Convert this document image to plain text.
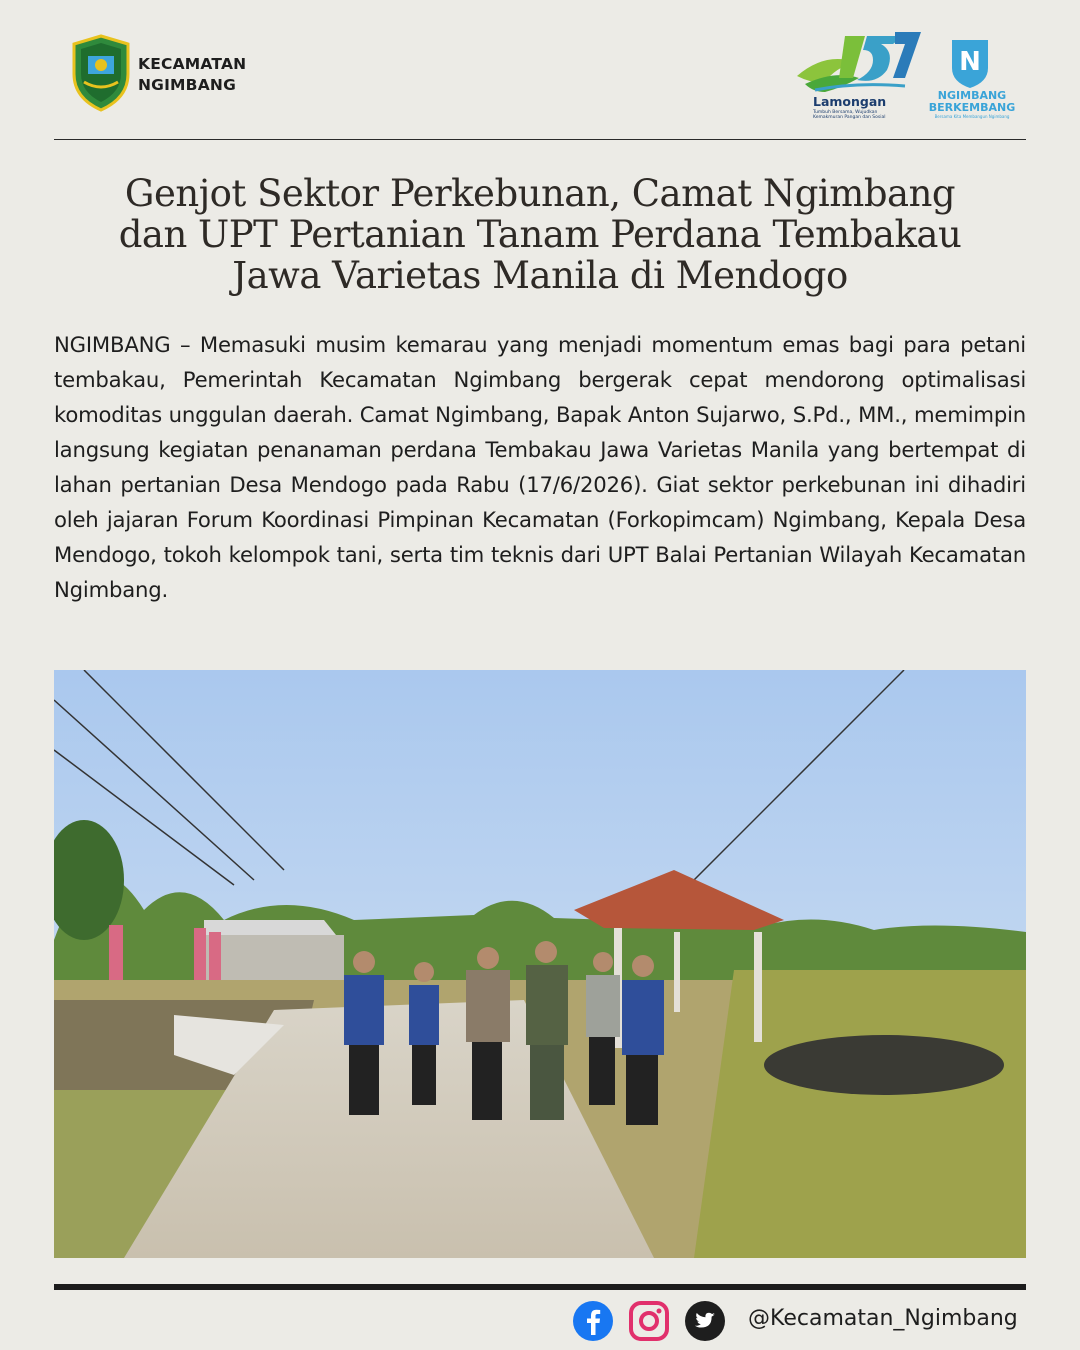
KECAMATAN
NGIMBANG
Lamongan
Tumbuh Bersama, Wujudkan Kemakmuran Pangan dan Sosial
N
NGIMBANG
BERKEMBANG
Bersama Kita Membangun Ngimbang
Genjot Sektor Perkebunan, Camat Ngimbang
dan UPT Pertanian Tanam Perdana Tembakau
Jawa Varietas Manila di Mendogo
NGIMBANG – Memasuki musim kemarau yang menjadi momentum emas bagi para petani tembakau, Pemerintah Kecamatan Ngimbang bergerak cepat mendorong optimalisasi komoditas unggulan daerah. Camat Ngimbang, Bapak Anton Sujarwo, S.Pd., MM., memimpin langsung kegiatan penanaman perdana Tembakau Jawa Varietas Manila yang bertempat di lahan pertanian Desa Mendogo pada Rabu (17/6/2026). Giat sektor perkebunan ini dihadiri oleh jajaran Forum Koordinasi Pimpinan Kecamatan (Forkopimcam) Ngimbang, Kepala Desa Mendogo, tokoh kelompok tani, serta tim teknis dari UPT Balai Pertanian Wilayah Kecamatan Ngimbang.
@Kecamatan_Ngimbang
